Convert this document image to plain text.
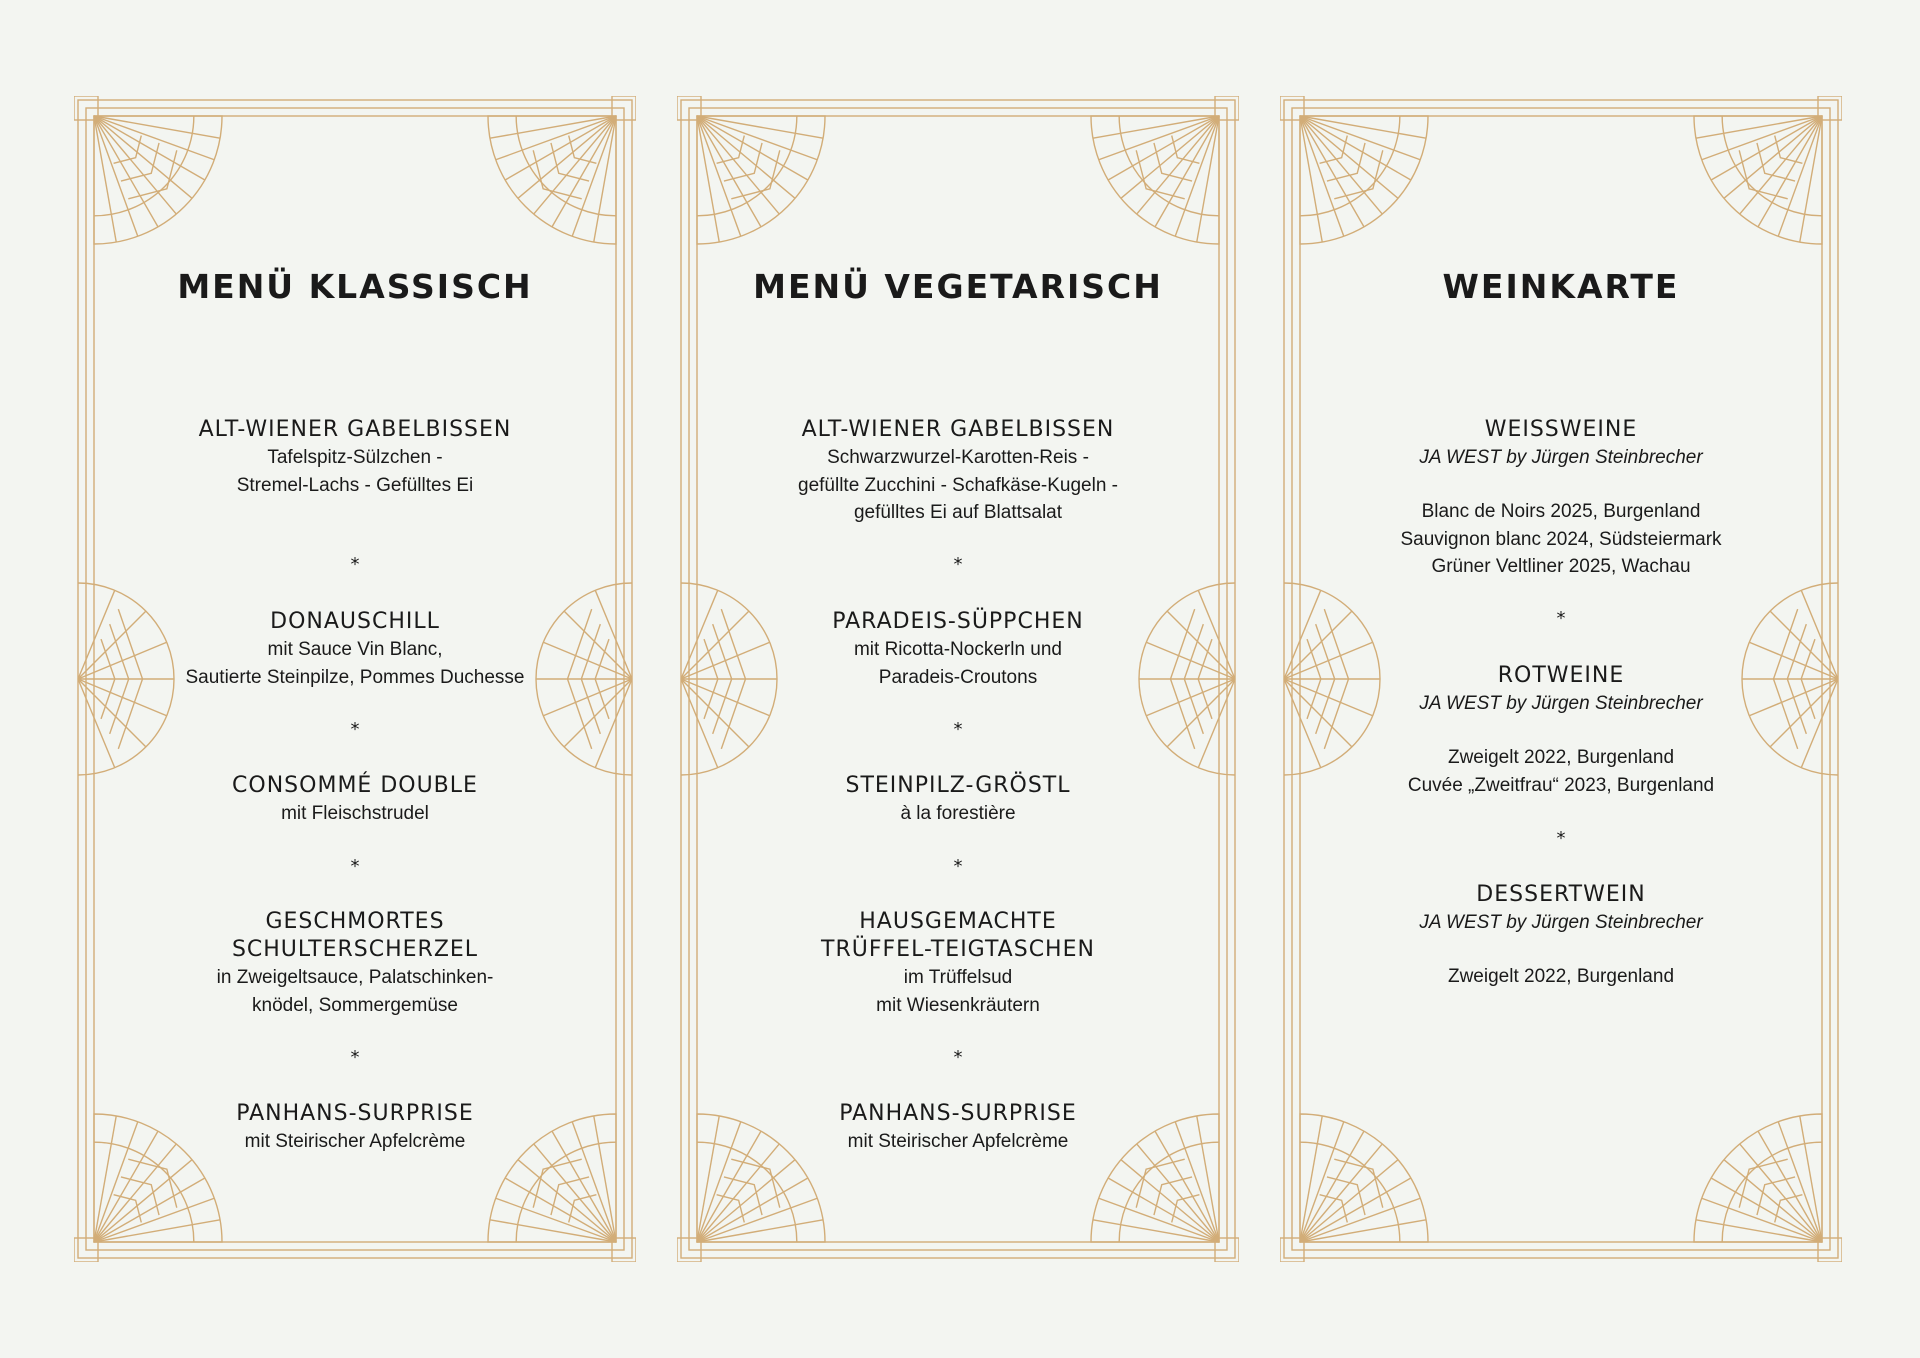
MENÜ KLASSISCH
ALT-WIENER GABELBISSEN
Tafelspitz-Sülzchen -
Stremel-Lachs - Gefülltes Ei
*
DONAUSCHILL
mit Sauce Vin Blanc,
Sautierte Steinpilze, Pommes Duchesse
*
CONSOMMÉ DOUBLE
mit Fleischstrudel
*
GESCHMORTES
SCHULTERSCHERZEL
in Zweigeltsauce, Palatschinken-
knödel, Sommergemüse
*
PANHANS-SURPRISE
mit Steirischer Apfelcrème
MENÜ VEGETARISCH
ALT-WIENER GABELBISSEN
Schwarzwurzel-Karotten-Reis -
gefüllte Zucchini - Schafkäse-Kugeln -
gefülltes Ei auf Blattsalat
*
PARADEIS-SÜPPCHEN
mit Ricotta-Nockerln und
Paradeis-Croutons
*
STEINPILZ-GRÖSTL
à la forestière
*
HAUSGEMACHTE
TRÜFFEL-TEIGTASCHEN
im Trüffelsud
mit Wiesenkräutern
*
PANHANS-SURPRISE
mit Steirischer Apfelcrème
WEINKARTE
WEISSWEINE
JA WEST by Jürgen Steinbrecher
Blanc de Noirs 2025, Burgenland
Sauvignon blanc 2024, Südsteiermark
Grüner Veltliner 2025, Wachau
*
ROTWEINE
JA WEST by Jürgen Steinbrecher
Zweigelt 2022, Burgenland
Cuvée „Zweitfrau“ 2023, Burgenland
*
DESSERTWEIN
JA WEST by Jürgen Steinbrecher
Zweigelt 2022, Burgenland
